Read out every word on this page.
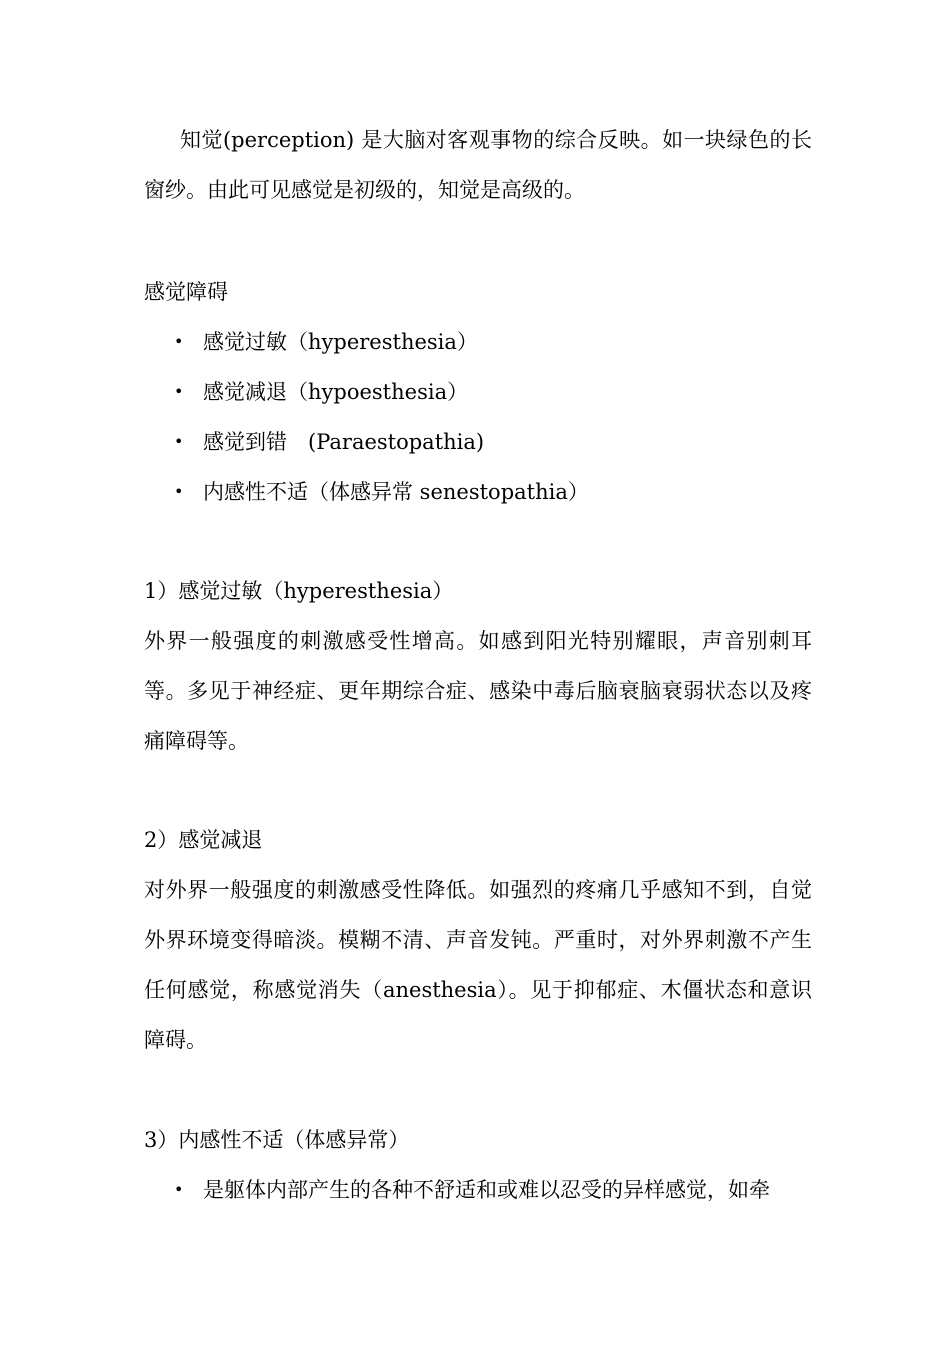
知觉(perception) 是大脑对客观事物的综合反映。如一块绿色的长窗纱。由此可见感觉是初级的，知觉是高级的。

感觉障碍
• 感觉过敏（hyperesthesia）
• 感觉减退（hypoesthesia）
• 感觉到错　(Paraestopathia)
• 内感性不适（体感异常 senestopathia）
1）感觉过敏（hyperesthesia）

外界一般强度的刺激感受性增高。如感到阳光特别耀眼，声音别刺耳等。多见于神经症、更年期综合症、感染中毒后脑衰脑衰弱状态以及疼痛障碍等。

2）感觉减退

对外界一般强度的刺激感受性降低。如强烈的疼痛几乎感知不到，自觉外界环境变得暗淡。模糊不清、声音发钝。严重时，对外界刺激不产生任何感觉，称感觉消失（anesthesia）。见于抑郁症、木僵状态和意识障碍。

3）内感性不适（体感异常）
• 是躯体内部产生的各种不舒适和或难以忍受的异样感觉，如牵
